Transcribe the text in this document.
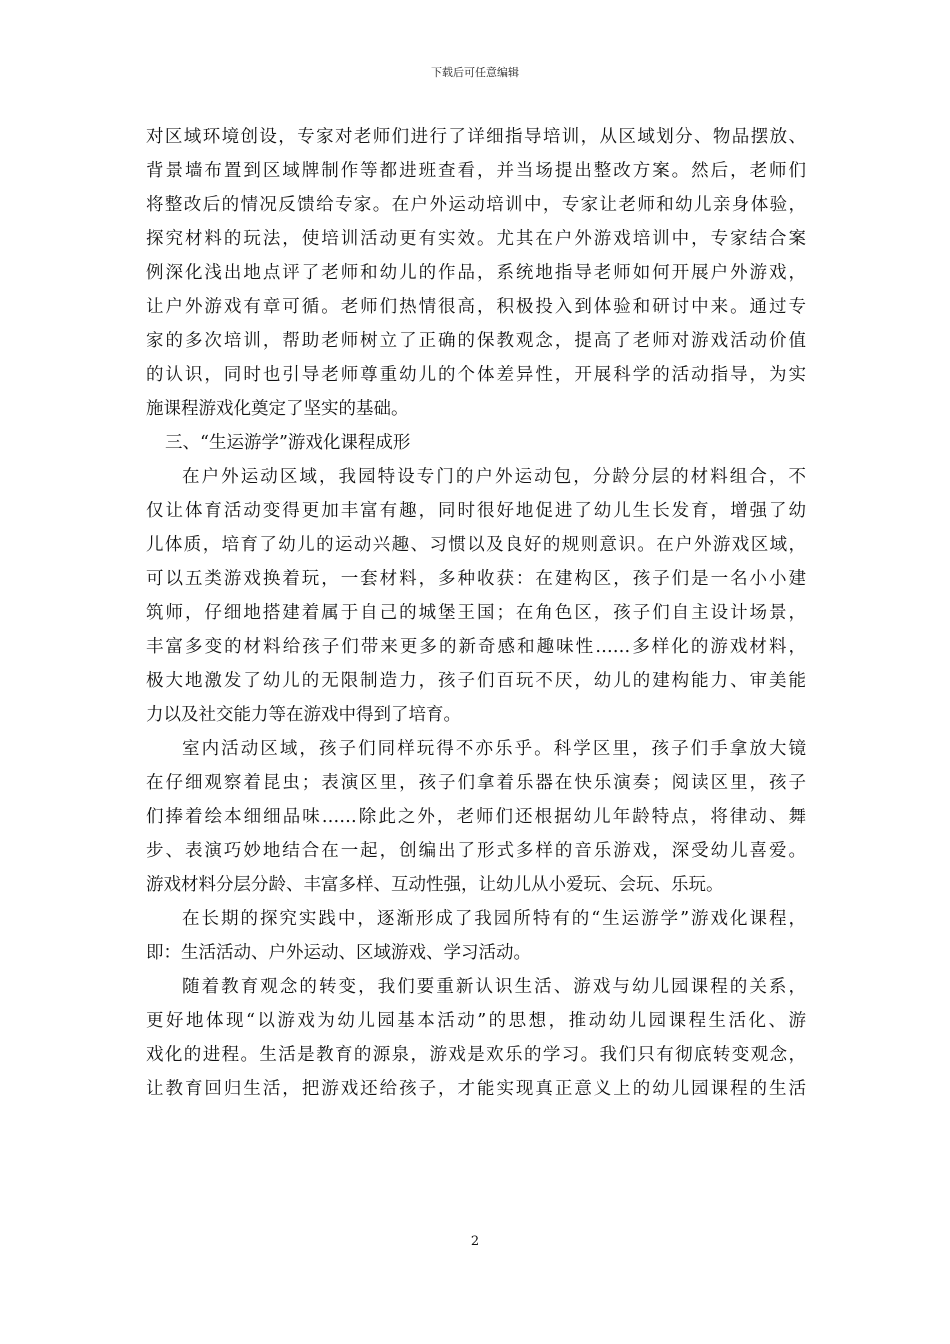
下载后可任意编辑
对区域环境创设，专家对老师们进行了详细指导培训，从区域划分、物品摆放、
背景墙布置到区域牌制作等都进班查看，并当场提出整改方案。然后，老师们
将整改后的情况反馈给专家。在户外运动培训中，专家让老师和幼儿亲身体验，
探究材料的玩法，使培训活动更有实效。尤其在户外游戏培训中，专家结合案
例深化浅出地点评了老师和幼儿的作品，系统地指导老师如何开展户外游戏，
让户外游戏有章可循。老师们热情很高，积极投入到体验和研讨中来。通过专
家的多次培训，帮助老师树立了正确的保教观念，提高了老师对游戏活动价值
的认识，同时也引导老师尊重幼儿的个体差异性，开展科学的活动指导，为实
施课程游戏化奠定了坚实的基础。
三、“生运游学”游戏化课程成形
在户外运动区域，我园特设专门的户外运动包，分龄分层的材料组合，不
仅让体育活动变得更加丰富有趣，同时很好地促进了幼儿生长发育，增强了幼
儿体质，培育了幼儿的运动兴趣、习惯以及良好的规则意识。在户外游戏区域，
可以五类游戏换着玩，一套材料，多种收获：在建构区，孩子们是一名小小建
筑师，仔细地搭建着属于自己的城堡王国；在角色区，孩子们自主设计场景，
丰富多变的材料给孩子们带来更多的新奇感和趣味性……多样化的游戏材料，
极大地激发了幼儿的无限制造力，孩子们百玩不厌，幼儿的建构能力、审美能
力以及社交能力等在游戏中得到了培育。
室内活动区域，孩子们同样玩得不亦乐乎。科学区里，孩子们手拿放大镜
在仔细观察着昆虫；表演区里，孩子们拿着乐器在快乐演奏；阅读区里，孩子
们捧着绘本细细品味……除此之外，老师们还根据幼儿年龄特点，将律动、舞
步、表演巧妙地结合在一起，创编出了形式多样的音乐游戏，深受幼儿喜爱。
游戏材料分层分龄、丰富多样、互动性强，让幼儿从小爱玩、会玩、乐玩。
在长期的探究实践中，逐渐形成了我园所特有的“生运游学”游戏化课程，
即：生活活动、户外运动、区域游戏、学习活动。
随着教育观念的转变，我们要重新认识生活、游戏与幼儿园课程的关系，
更好地体现“以游戏为幼儿园基本活动”的思想，推动幼儿园课程生活化、游
戏化的进程。生活是教育的源泉，游戏是欢乐的学习。我们只有彻底转变观念，
让教育回归生活，把游戏还给孩子，才能实现真正意义上的幼儿园课程的生活
2
